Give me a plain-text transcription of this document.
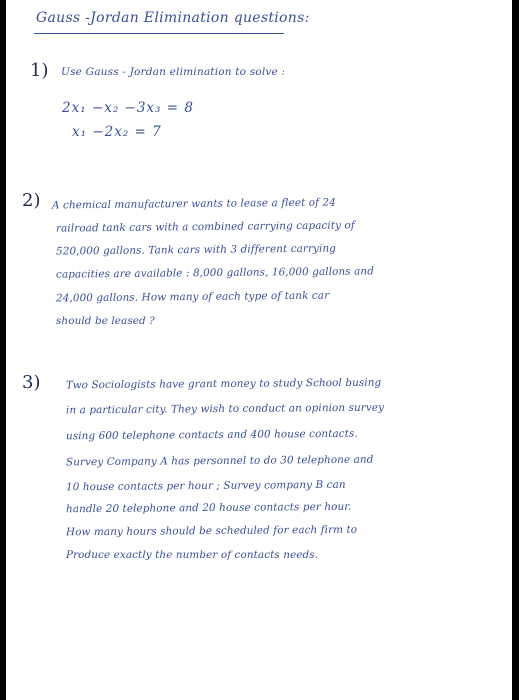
Gauss -Jordan Elimination questions:
1) Use Gauss - Jordan elimination to solve :
2x₁ −x₂ −3x₃ = 8
x₁ −2x₂ = 7
2) A chemical manufacturer wants to lease a fleet of 24
railroad tank cars with a combined carrying capacity of
520,000 gallons. Tank cars with 3 different carrying
capacities are available : 8,000 gallons, 16,000 gallons and
24,000 gallons. How many of each type of tank car
should be leased ?
3) Two Sociologists have grant money to study School busing
in a particular city. They wish to conduct an opinion survey
using 600 telephone contacts and 400 house contacts.
Survey Company A has personnel to do 30 telephone and
10 house contacts per hour ; Survey company B can
handle 20 telephone and 20 house contacts per hour.
How many hours should be scheduled for each firm to
Produce exactly the number of contacts needs.
